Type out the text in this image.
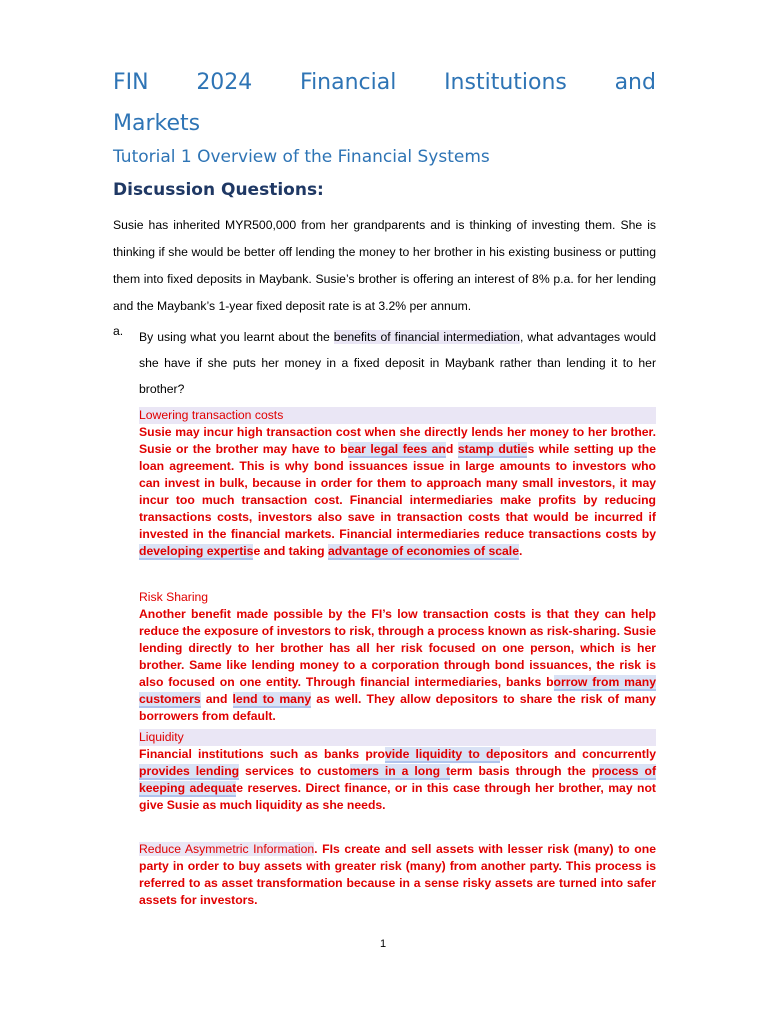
FIN 2024 Financial Institutions and
Markets
Tutorial 1 Overview of the Financial Systems
Discussion Questions:

Susie has inherited MYR500,000 from her grandparents and is thinking of investing them. She is thinking if she would be better off lending the money to her brother in his existing business or putting them into fixed deposits in Maybank. Susie’s brother is offering an interest of 8% p.a. for her lending and the Maybank’s 1-year fixed deposit rate is at 3.2% per annum.

a. By using what you learnt about the benefits of financial intermediation, what advantages would she have if she puts her money in a fixed deposit in Maybank rather than lending it to her brother?

Lowering transaction costs
Susie may incur high transaction cost when she directly lends her money to her brother. Susie or the brother may have to bear legal fees and stamp duties while setting up the loan agreement. This is why bond issuances issue in large amounts to investors who can invest in bulk, because in order for them to approach many small investors, it may incur too much transaction cost. Financial intermediaries make profits by reducing transactions costs, investors also save in transaction costs that would be incurred if invested in the financial markets. Financial intermediaries reduce transactions costs by developing expertise and taking advantage of economies of scale.

Risk Sharing
Another benefit made possible by the FI’s low transaction costs is that they can help reduce the exposure of investors to risk, through a process known as risk-sharing. Susie lending directly to her brother has all her risk focused on one person, which is her brother. Same like lending money to a corporation through bond issuances, the risk is also focused on one entity. Through financial intermediaries, banks borrow from many customers and lend to many as well. They allow depositors to share the risk of many borrowers from default.

Liquidity
Financial institutions such as banks provide liquidity to depositors and concurrently provides lending services to customers in a long term basis through the process of keeping adequate reserves. Direct finance, or in this case through her brother, may not give Susie as much liquidity as she needs.

Reduce Asymmetric Information. FIs create and sell assets with lesser risk (many) to one party in order to buy assets with greater risk (many) from another party. This process is referred to as asset transformation because in a sense risky assets are turned into safer assets for investors.

1
